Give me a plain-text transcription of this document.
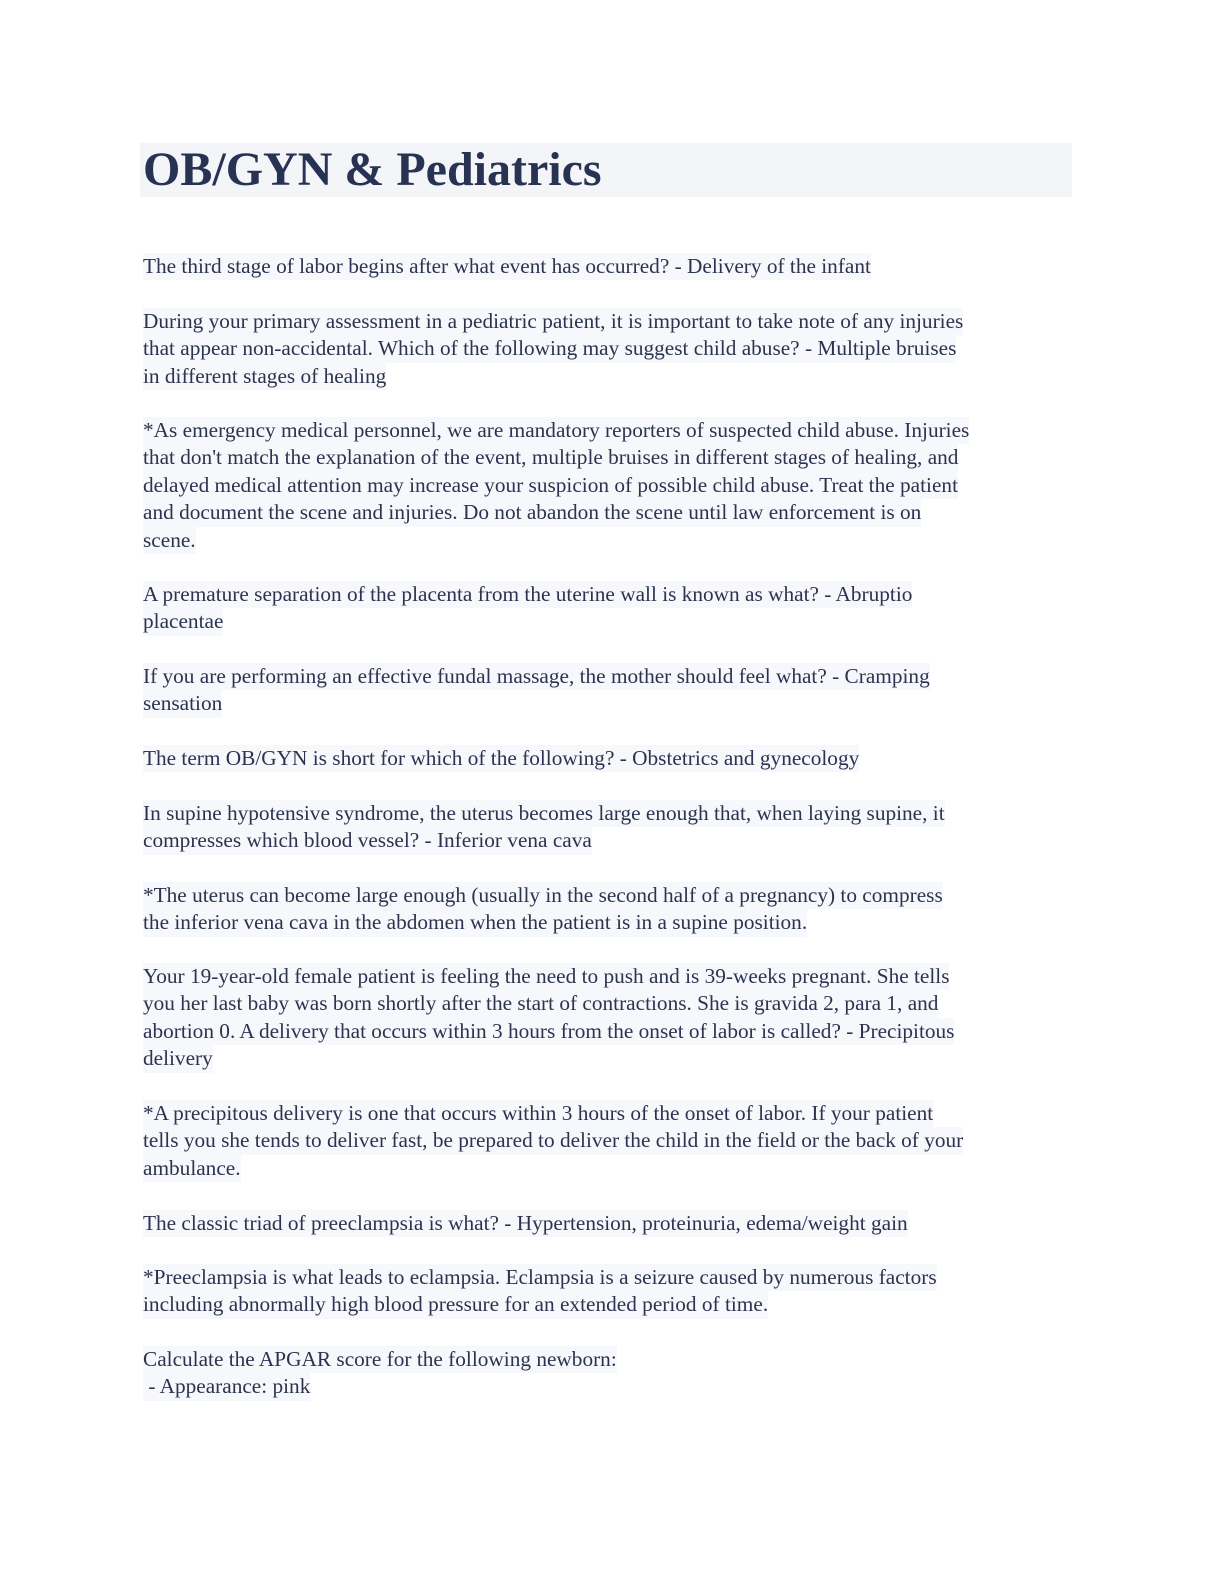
OB/GYN & Pediatrics
The third stage of labor begins after what event has occurred? - Delivery of the infant
During your primary assessment in a pediatric patient, it is important to take note of any injuries
that appear non-accidental. Which of the following may suggest child abuse? - Multiple bruises
in different stages of healing
*As emergency medical personnel, we are mandatory reporters of suspected child abuse. Injuries
that don't match the explanation of the event, multiple bruises in different stages of healing, and
delayed medical attention may increase your suspicion of possible child abuse. Treat the patient
and document the scene and injuries. Do not abandon the scene until law enforcement is on
scene.
A premature separation of the placenta from the uterine wall is known as what? - Abruptio
placentae
If you are performing an effective fundal massage, the mother should feel what? - Cramping
sensation
The term OB/GYN is short for which of the following? - Obstetrics and gynecology
In supine hypotensive syndrome, the uterus becomes large enough that, when laying supine, it
compresses which blood vessel? - Inferior vena cava
*The uterus can become large enough (usually in the second half of a pregnancy) to compress
the inferior vena cava in the abdomen when the patient is in a supine position.
Your 19-year-old female patient is feeling the need to push and is 39-weeks pregnant. She tells
you her last baby was born shortly after the start of contractions. She is gravida 2, para 1, and
abortion 0. A delivery that occurs within 3 hours from the onset of labor is called? - Precipitous
delivery
*A precipitous delivery is one that occurs within 3 hours of the onset of labor. If your patient
tells you she tends to deliver fast, be prepared to deliver the child in the field or the back of your
ambulance.
The classic triad of preeclampsia is what? - Hypertension, proteinuria, edema/weight gain
*Preeclampsia is what leads to eclampsia. Eclampsia is a seizure caused by numerous factors
including abnormally high blood pressure for an extended period of time.
Calculate the APGAR score for the following newborn:
- Appearance: pink
